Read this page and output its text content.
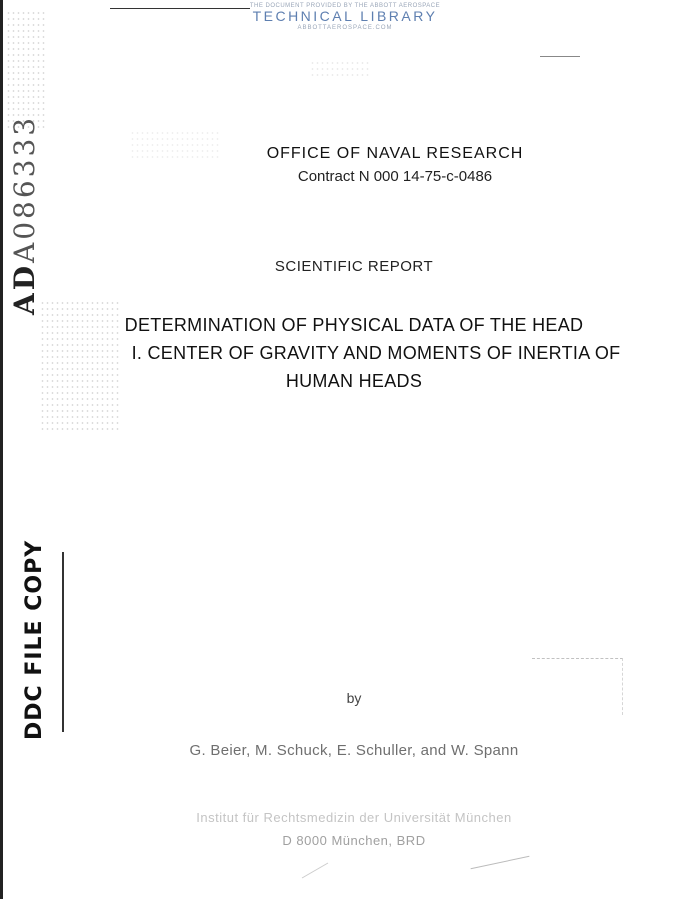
THE DOCUMENT PROVIDED BY THE ABBOTT AEROSPACE
TECHNICAL LIBRARY
ABBOTTAEROSPACE.COM
ADA086333
DDC FILE COPY
OFFICE OF NAVAL RESEARCH
Contract N 000 14-75-c-0486
SCIENTIFIC REPORT
DETERMINATION OF PHYSICAL DATA OF THE HEAD
I. CENTER OF GRAVITY AND MOMENTS OF INERTIA OF
HUMAN HEADS
by
G. Beier, M. Schuck, E. Schuller, and W. Spann
Institut für Rechtsmedizin der Universität München
D 8000 München, BRD
